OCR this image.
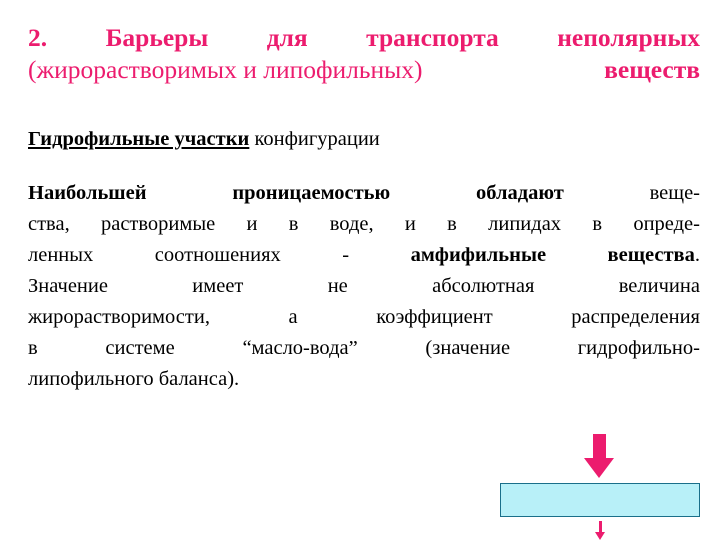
2. Барьеры для транспорта неполярных
(жирорастворимых и липофильных)	веществ
Гидрофильные участки конфигурации
Наибольшей	проницаемостью	обладают	веще-
ства, растворимые и в воде, и в липидах в опреде-
ленных	соотношениях	-	амфифильные	вещества .
Значение	имеет	не	абсолютная	величина
жирорастворимости,	а	коэффициент	распределения
в	системе	“масло-вода”	(значение	гидрофильно-
липофильного баланса).
